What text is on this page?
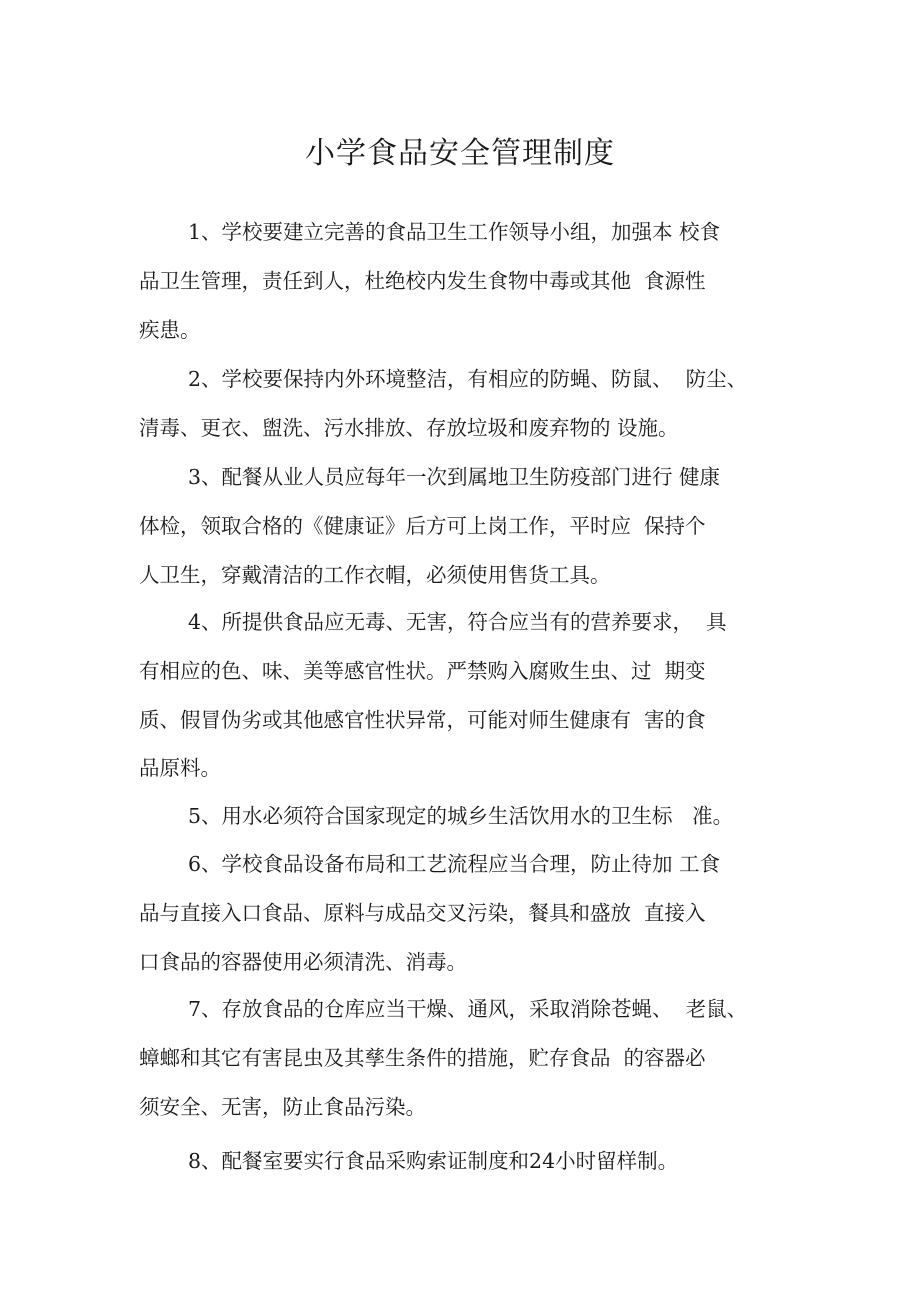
小学食品安全管理制度
1、学校要建立完善的食品卫生工作领导小组，加强本 校食
品卫生管理，责任到人，杜绝校内发生食物中毒或其他  食源性
疾患。
2、学校要保持内外环境整洁，有相应的防蝇、防鼠、  防尘、
清毒、更衣、盥洗、污水排放、存放垃圾和废弃物的 设施。
3、配餐从业人员应每年一次到属地卫生防疫部门进行 健康
体检，领取合格的《健康证》后方可上岗工作，平时应  保持个
人卫生，穿戴清洁的工作衣帽，必须使用售货工具。
4、所提供食品应无毒、无害，符合应当有的营养要求，  具
有相应的色、味、美等感官性状。严禁购入腐败生虫、过  期变
质、假冒伪劣或其他感官性状异常，可能对师生健康有  害的食
品原料。
5、用水必须符合国家现定的城乡生活饮用水的卫生标   准。
6、学校食品设备布局和工艺流程应当合理，防止待加 工食
品与直接入口食品、原料与成品交叉污染，餐具和盛放  直接入
口食品的容器使用必须清洗、消毒。
7、存放食品的仓库应当干燥、通风，采取消除苍蝇、  老鼠、
蟑螂和其它有害昆虫及其孳生条件的措施，贮存食品  的容器必
须安全、无害，防止食品污染。
8、配餐室要实行食品采购索证制度和24小时留样制。
